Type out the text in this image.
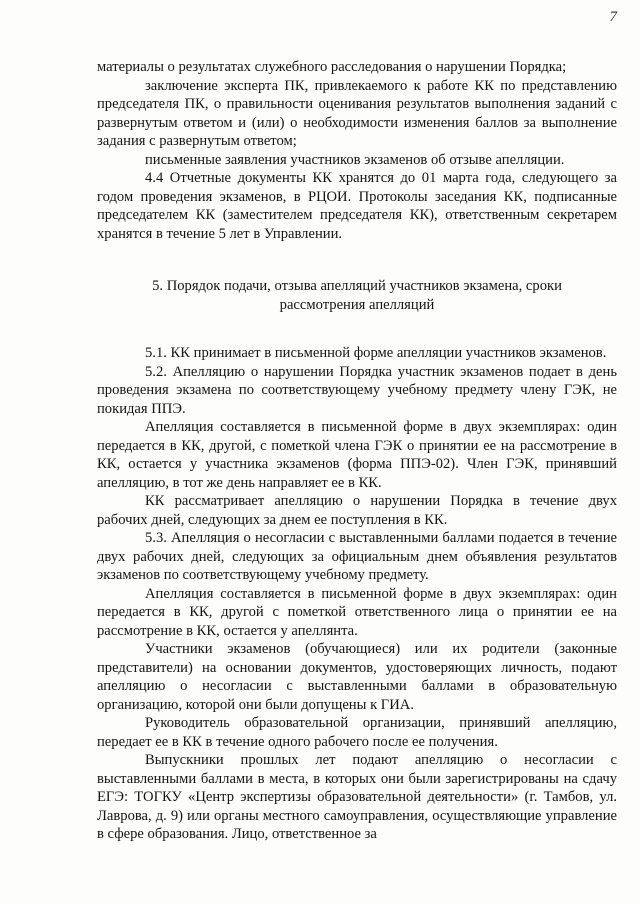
7

материалы о результатах служебного расследования о нарушении Порядка;

заключение эксперта ПК, привлекаемого к работе КК по представлению председателя ПК, о правильности оценивания результатов выполнения заданий с развернутым ответом и (или) о необходимости изменения баллов за выполнение задания с развернутым ответом;

письменные заявления участников экзаменов об отзыве апелляции.

4.4 Отчетные документы КК хранятся до 01 марта года, следующего за годом проведения экзаменов, в РЦОИ. Протоколы заседания КК, подписанные председателем КК (заместителем председателя КК), ответственным секретарем хранятся в течение 5 лет в Управлении.

5. Порядок подачи, отзыва апелляций участников экзамена, сроки рассмотрения апелляций

5.1. КК принимает в письменной форме апелляции участников экзаменов.

5.2. Апелляцию о нарушении Порядка участник экзаменов подает в день проведения экзамена по соответствующему учебному предмету члену ГЭК, не покидая ППЭ.

Апелляция составляется в письменной форме в двух экземплярах: один передается в КК, другой, с пометкой члена ГЭК о принятии ее на рассмотрение в КК, остается у участника экзаменов (форма ППЭ-02). Член ГЭК, принявший апелляцию, в тот же день направляет ее в КК.

КК рассматривает апелляцию о нарушении Порядка в течение двух рабочих дней, следующих за днем ее поступления в КК.

5.3. Апелляция о несогласии с выставленными баллами подается в течение двух рабочих дней, следующих за официальным днем объявления результатов экзаменов по соответствующему учебному предмету.

Апелляция составляется в письменной форме в двух экземплярах: один передается в КК, другой с пометкой ответственного лица о принятии ее на рассмотрение в КК, остается у апеллянта.

Участники экзаменов (обучающиеся) или их родители (законные представители) на основании документов, удостоверяющих личность, подают апелляцию о несогласии с выставленными баллами в образовательную организацию, которой они были допущены к ГИА.

Руководитель образовательной организации, принявший апелляцию, передает ее в КК в течение одного рабочего после ее получения.

Выпускники прошлых лет подают апелляцию о несогласии с выставленными баллами в места, в которых они были зарегистрированы на сдачу ЕГЭ: ТОГКУ «Центр экспертизы образовательной деятельности» (г. Тамбов, ул. Лаврова, д. 9) или органы местного самоуправления, осуществляющие управление в сфере образования. Лицо, ответственное за
